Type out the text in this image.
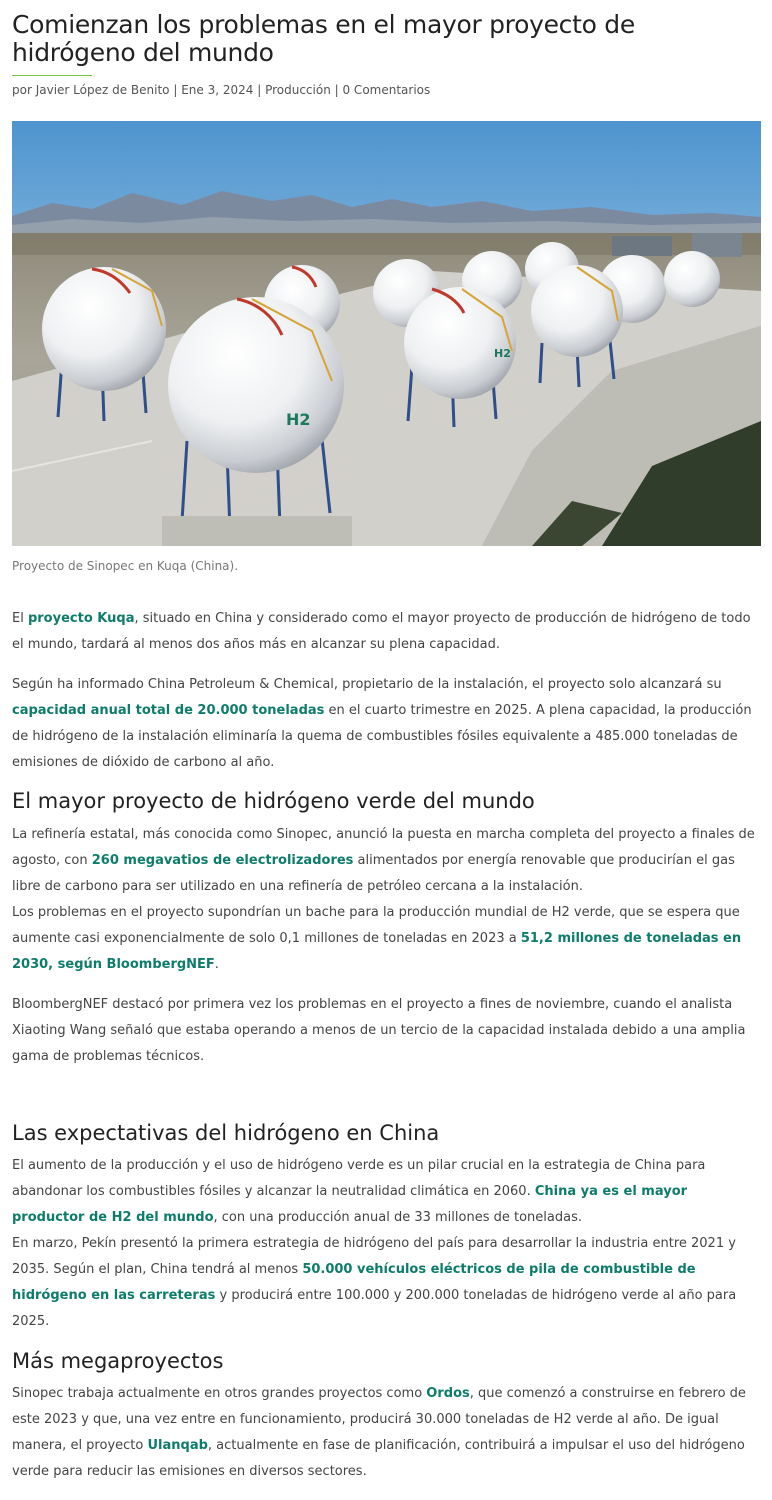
Comienzan los problemas en el mayor proyecto de hidrógeno del mundo
por Javier López de Benito | Ene 3, 2024 | Producción | 0 Comentarios
H2
H2
Proyecto de Sinopec en Kuqa (China).

El proyecto Kuqa, situado en China y considerado como el mayor proyecto de producción de hidrógeno de todo el mundo, tardará al menos dos años más en alcanzar su plena capacidad.

Según ha informado China Petroleum & Chemical, propietario de la instalación, el proyecto solo alcanzará su capacidad anual total de 20.000 toneladas en el cuarto trimestre en 2025. A plena capacidad, la producción de hidrógeno de la instalación eliminaría la quema de combustibles fósiles equivalente a 485.000 toneladas de emisiones de dióxido de carbono al año.

El mayor proyecto de hidrógeno verde del mundo

La refinería estatal, más conocida como Sinopec, anunció la puesta en marcha completa del proyecto a finales de agosto, con 260 megavatios de electrolizadores alimentados por energía renovable que producirían el gas libre de carbono para ser utilizado en una refinería de petróleo cercana a la instalación.
Los problemas en el proyecto supondrían un bache para la producción mundial de H2 verde, que se espera que aumente casi exponencialmente de solo 0,1 millones de toneladas en 2023 a 51,2 millones de toneladas en 2030, según BloombergNEF.

BloombergNEF destacó por primera vez los problemas en el proyecto a fines de noviembre, cuando el analista Xiaoting Wang señaló que estaba operando a menos de un tercio de la capacidad instalada debido a una amplia gama de problemas técnicos.

Las expectativas del hidrógeno en China

El aumento de la producción y el uso de hidrógeno verde es un pilar crucial en la estrategia de China para abandonar los combustibles fósiles y alcanzar la neutralidad climática en 2060. China ya es el mayor productor de H2 del mundo, con una producción anual de 33 millones de toneladas.
En marzo, Pekín presentó la primera estrategia de hidrógeno del país para desarrollar la industria entre 2021 y 2035. Según el plan, China tendrá al menos 50.000 vehículos eléctricos de pila de combustible de hidrógeno en las carreteras y producirá entre 100.000 y 200.000 toneladas de hidrógeno verde al año para 2025.

Más megaproyectos

Sinopec trabaja actualmente en otros grandes proyectos como Ordos, que comenzó a construirse en febrero de este 2023 y que, una vez entre en funcionamiento, producirá 30.000 toneladas de H2 verde al año. De igual manera, el proyecto Ulanqab, actualmente en fase de planificación, contribuirá a impulsar el uso del hidrógeno verde para reducir las emisiones en diversos sectores.
